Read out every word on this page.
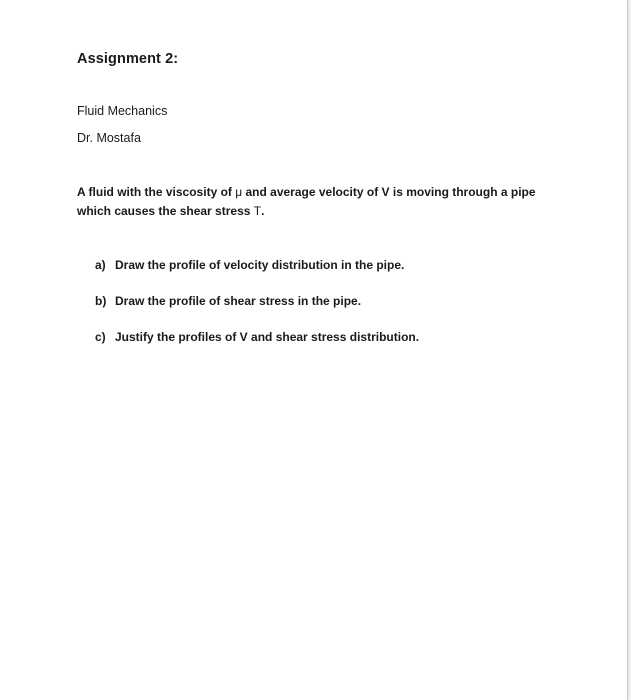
Assignment 2:
Fluid Mechanics
Dr. Mostafa
A fluid with the viscosity of μ and average velocity of V is moving through a pipe
which causes the shear stress T.
a) Draw the profile of velocity distribution in the pipe.
b) Draw the profile of shear stress in the pipe.
c) Justify the profiles of V and shear stress distribution.
